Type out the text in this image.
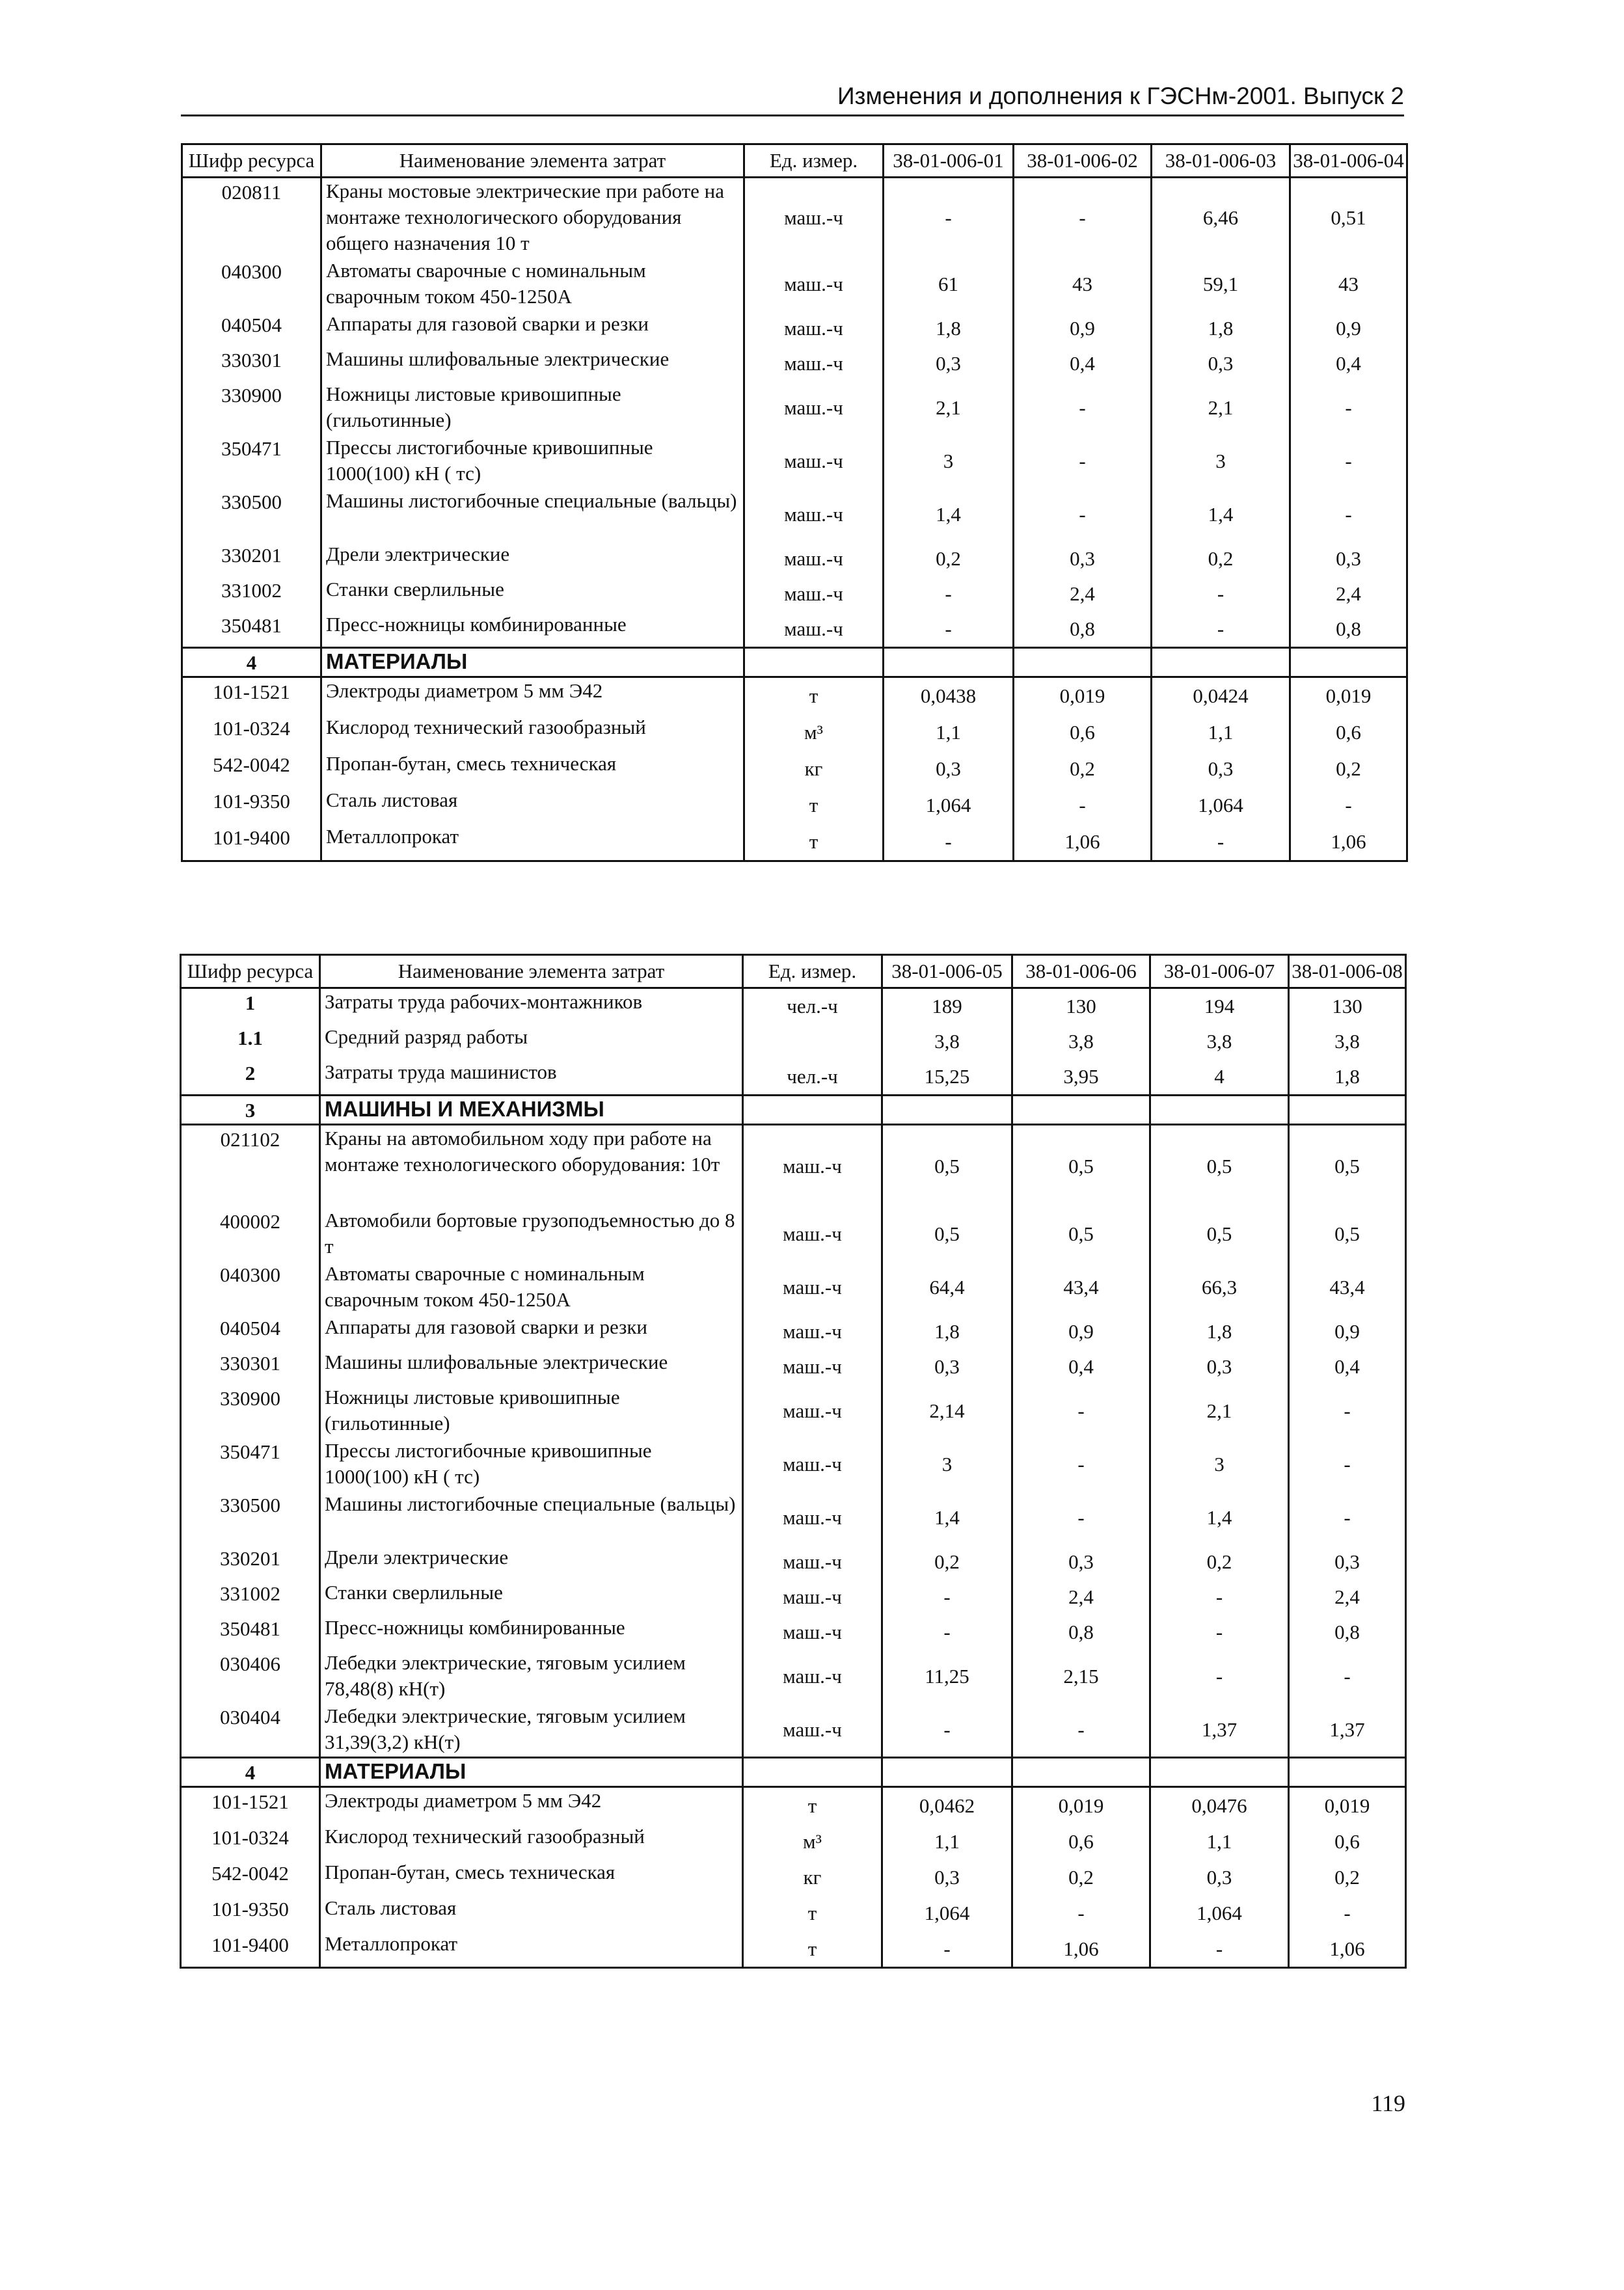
Изменения и дополнения к ГЭСНм-2001. Выпуск 2
Шифр ресурса	Наименование элемента затрат	Ед. измер.	38-01-006-01	38-01-006-02	38-01-006-03	38-01-006-04
020811	Краны мостовые электрические при работе на монтаже технологического оборудования общего назначения 10 т	маш.-ч	-	-	6,46	0,51
040300	Автоматы сварочные с номинальным сварочным током 450-1250А	маш.-ч	61	43	59,1	43
040504	Аппараты для газовой сварки и резки	маш.-ч	1,8	0,9	1,8	0,9
330301	Машины шлифовальные электрические	маш.-ч	0,3	0,4	0,3	0,4
330900	Ножницы листовые кривошипные (гильотинные)	маш.-ч	2,1	-	2,1	-
350471	Прессы листогибочные кривошипные 1000(100) кН ( тс)	маш.-ч	3	-	3	-
330500	Машины листогибочные специальные (вальцы)	маш.-ч	1,4	-	1,4	-
330201	Дрели электрические	маш.-ч	0,2	0,3	0,2	0,3
331002	Станки сверлильные	маш.-ч	-	2,4	-	2,4
350481	Пресс-ножницы комбинированные	маш.-ч	-	0,8	-	0,8
4	МАТЕРИАЛЫ					
101-1521	Электроды диаметром 5 мм Э42	т	0,0438	0,019	0,0424	0,019
101-0324	Кислород технический газообразный	м³	1,1	0,6	1,1	0,6
542-0042	Пропан-бутан, смесь техническая	кг	0,3	0,2	0,3	0,2
101-9350	Сталь листовая	т	1,064	-	1,064	-
101-9400	Металлопрокат	т	-	1,06	-	1,06
Шифр ресурса	Наименование элемента затрат	Ед. измер.	38-01-006-05	38-01-006-06	38-01-006-07	38-01-006-08
1	Затраты труда рабочих-монтажников	чел.-ч	189	130	194	130
1.1	Средний разряд работы		3,8	3,8	3,8	3,8
2	Затраты труда машинистов	чел.-ч	15,25	3,95	4	1,8
3	МАШИНЫ И МЕХАНИЗМЫ					
021102	Краны на автомобильном ходу при работе на монтаже технологического оборудования: 10т	маш.-ч	0,5	0,5	0,5	0,5
400002	Автомобили бортовые грузоподъемностью до 8 т	маш.-ч	0,5	0,5	0,5	0,5
040300	Автоматы сварочные с номинальным сварочным током 450-1250А	маш.-ч	64,4	43,4	66,3	43,4
040504	Аппараты для газовой сварки и резки	маш.-ч	1,8	0,9	1,8	0,9
330301	Машины шлифовальные электрические	маш.-ч	0,3	0,4	0,3	0,4
330900	Ножницы листовые кривошипные (гильотинные)	маш.-ч	2,14	-	2,1	-
350471	Прессы листогибочные кривошипные 1000(100) кН ( тс)	маш.-ч	3	-	3	-
330500	Машины листогибочные специальные (вальцы)	маш.-ч	1,4	-	1,4	-
330201	Дрели электрические	маш.-ч	0,2	0,3	0,2	0,3
331002	Станки сверлильные	маш.-ч	-	2,4	-	2,4
350481	Пресс-ножницы комбинированные	маш.-ч	-	0,8	-	0,8
030406	Лебедки электрические, тяговым усилием 78,48(8) кН(т)	маш.-ч	11,25	2,15	-	-
030404	Лебедки электрические, тяговым усилием 31,39(3,2) кН(т)	маш.-ч	-	-	1,37	1,37
4	МАТЕРИАЛЫ					
101-1521	Электроды диаметром 5 мм Э42	т	0,0462	0,019	0,0476	0,019
101-0324	Кислород технический газообразный	м³	1,1	0,6	1,1	0,6
542-0042	Пропан-бутан, смесь техническая	кг	0,3	0,2	0,3	0,2
101-9350	Сталь листовая	т	1,064	-	1,064	-
101-9400	Металлопрокат	т	-	1,06	-	1,06
119
